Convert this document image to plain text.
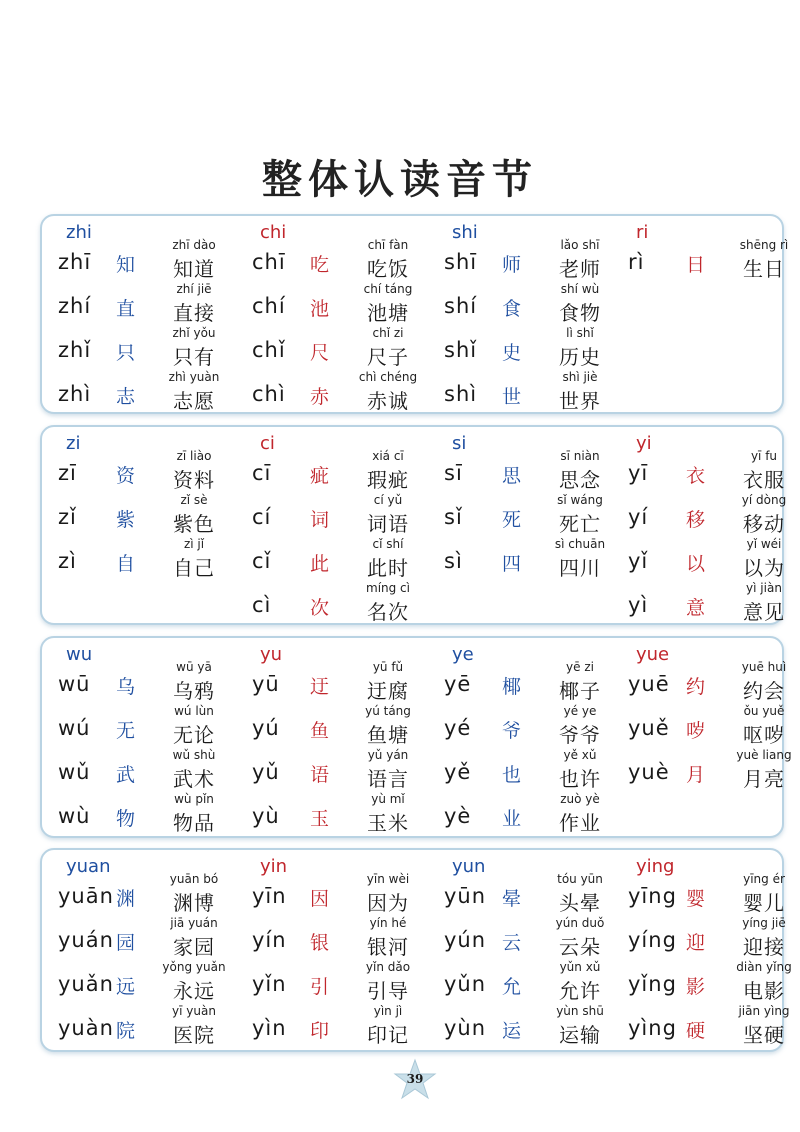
整体认读音节
zhi
zhī 知
zhī dào
知道
zhí 直
zhí jiē
直接
zhǐ 只
zhǐ yǒu
只有
zhì 志
zhì yuàn
志愿
chi
chī 吃
chī fàn
吃饭
chí 池
chí táng
池塘
chǐ 尺
chǐ zi
尺子
chì 赤
chì chéng
赤诚
shi
shī 师
lǎo shī
老师
shí 食
shí wù
食物
shǐ 史
lì shǐ
历史
shì 世
shì jiè
世界
ri
rì 日
shēng rì
生日
zi
zī 资
zī liào
资料
zǐ 紫
zǐ sè
紫色
zì 自
zì jǐ
自己
ci
cī 疵
xiá cī
瑕疵
cí 词
cí yǔ
词语
cǐ 此
cǐ shí
此时
cì 次
míng cì
名次
si
sī 思
sī niàn
思念
sǐ 死
sǐ wáng
死亡
sì 四
sì chuān
四川
yi
yī 衣
yī fu
衣服
yí 移
yí dòng
移动
yǐ 以
yǐ wéi
以为
yì 意
yì jiàn
意见
wu
wū 乌
wū yā
乌鸦
wú 无
wú lùn
无论
wǔ 武
wǔ shù
武术
wù 物
wù pǐn
物品
yu
yū 迂
yū fǔ
迂腐
yú 鱼
yú táng
鱼塘
yǔ 语
yǔ yán
语言
yù 玉
yù mǐ
玉米
ye
yē 椰
yē zi
椰子
yé 爷
yé ye
爷爷
yě 也
yě xǔ
也许
yè 业
zuò yè
作业
yue
yuē 约
yuē huì
约会
yuě 哕
ǒu yuě
呕哕
yuè 月
yuè liang
月亮
yuan
yuān 渊
yuān bó
渊博
yuán 园
jiā yuán
家园
yuǎn 远
yǒng yuǎn
永远
yuàn 院
yī yuàn
医院
yin
yīn 因
yīn wèi
因为
yín 银
yín hé
银河
yǐn 引
yǐn dǎo
引导
yìn 印
yìn jì
印记
yun
yūn 晕
tóu yūn
头晕
yún 云
yún duǒ
云朵
yǔn 允
yǔn xǔ
允许
yùn 运
yùn shū
运输
ying
yīng 婴
yīng ér
婴儿
yíng 迎
yíng jiē
迎接
yǐng 影
diàn yǐng
电影
yìng 硬
jiān yìng
坚硬
39
